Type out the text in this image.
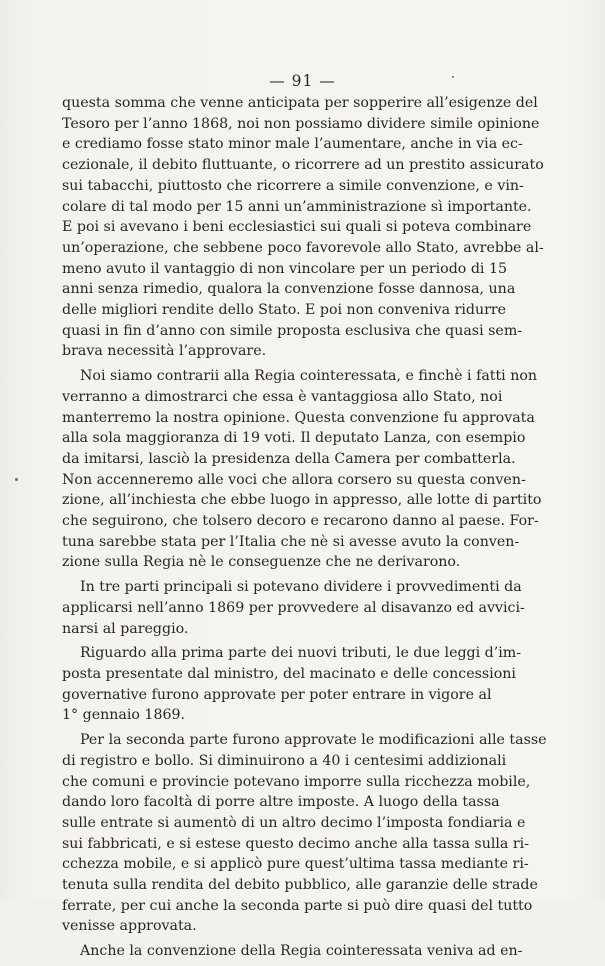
— 91 —
questa somma che venne anticipata per sopperire all’esigenze del
Tesoro per l’anno 1868, noi non possiamo dividere simile opinione
e crediamo fosse stato minor male l’aumentare, anche in via ec-
cezionale, il debito fluttuante, o ricorrere ad un prestito assicurato
sui tabacchi, piuttosto che ricorrere a simile convenzione, e vin-
colare di tal modo per 15 anni un’amministrazione sì importante.
E poi si avevano i beni ecclesiastici sui quali si poteva combinare
un’operazione, che sebbene poco favorevole allo Stato, avrebbe al-
meno avuto il vantaggio di non vincolare per un periodo di 15
anni senza rimedio, qualora la convenzione fosse dannosa, una
delle migliori rendite dello Stato. E poi non conveniva ridurre
quasi in fin d’anno con simile proposta esclusiva che quasi sem-
brava necessità l’approvare.
Noi siamo contrarii alla Regia cointeressata, e finchè i fatti non
verranno a dimostrarci che essa è vantaggiosa allo Stato, noi
manterremo la nostra opinione. Questa convenzione fu approvata
alla sola maggioranza di 19 voti. Il deputato Lanza, con esempio
da imitarsi, lasciò la presidenza della Camera per combatterla.
Non accenneremo alle voci che allora corsero su questa conven-
zione, all’inchiesta che ebbe luogo in appresso, alle lotte di partito
che seguirono, che tolsero decoro e recarono danno al paese. For-
tuna sarebbe stata per l’Italia che nè si avesse avuto la conven-
zione sulla Regia nè le conseguenze che ne derivarono.
In tre parti principali si potevano dividere i provvedimenti da
applicarsi nell’anno 1869 per provvedere al disavanzo ed avvici-
narsi al pareggio.
Riguardo alla prima parte dei nuovi tributi, le due leggi d’im-
posta presentate dal ministro, del macinato e delle concessioni
governative furono approvate per poter entrare in vigore al
1° gennaio 1869.
Per la seconda parte furono approvate le modificazioni alle tasse
di registro e bollo. Si diminuirono a 40 i centesimi addizionali
che comuni e provincie potevano imporre sulla ricchezza mobile,
dando loro facoltà di porre altre imposte. A luogo della tassa
sulle entrate si aumentò di un altro decimo l’imposta fondiaria e
sui fabbricati, e si estese questo decimo anche alla tassa sulla ri-
cchezza mobile, e si applicò pure quest’ultima tassa mediante ri-
tenuta sulla rendita del debito pubblico, alle garanzie delle strade
ferrate, per cui anche la seconda parte si può dire quasi del tutto
venisse approvata.
Anche la convenzione della Regia cointeressata veniva ad en-
